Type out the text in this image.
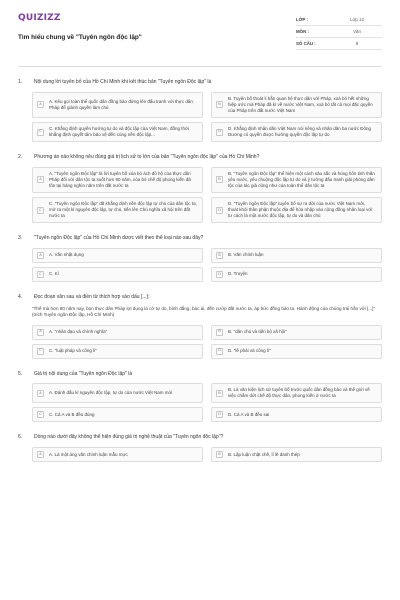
QUIZIZZ
Tìm hiểu chung về "Tuyên ngôn độc lập"
LỚP :	Lớp 12
MÔN :	Văn
SỐ CÂU :	9
1.	Nội dung lời tuyên bố của Hồ Chí Minh khi kết thúc bản "Tuyên ngôn Độc lập" là
A
A. Kêu gọi toàn thể quốc dân đồng bào đứng lên đấu tranh với thực dân Pháp để giành quyền làm chủ
B
B. Tuyên bố thoát li hẳn quan hệ thực dân với Pháp, xoá bỏ hết những hiệp ước mà Pháp đã kí về nước Việt Nam, xoá bỏ tất cả mọi đặc quyền của Pháp trên đất nước Việt Nam
C
C. Khẳng định quyền hưởng tự do và độc lập của Việt Nam, đồng thời khẳng định quyết tâm bảo vệ đến cùng nền độc lập...
D
D. Khẳng định nhân dân Việt Nam nói riêng và nhân dân ba nước Đông Dương có quyền được hưởng quyền độc lập tự do
2.	Phương án nào không nêu đúng giá trị lịch sử to lớn của bản "Tuyên ngôn độc lập" của Hồ Chí Minh?
A
A. "Tuyên ngôn Độc lập" là lời tuyên bố xóa bỏ ách đô hộ của thực dân Pháp đối với dân tộc ta suốt hơn 80 năm, xóa bỏ chế độ phong kiến đã tồn tại hàng nghìn năm trên đất nước ta
B
B. "Tuyên ngôn Độc lập" thể hiện một cách sâu sắc và hùng hồn tinh thần yêu nước, yêu chuộng độc lập tự do và ý tưởng đấu tranh giải phóng dân tộc của tác giả cũng như của toàn thể dân tộc ta
C
C. "Tuyên ngôn Độc lập" đã khẳng định nền độc lập tự chủ của dân tộc ta, mở ra một kỉ nguyên độc lập, tự chủ, tiến lên Chủ nghĩa xã hội trên đất nước ta
D
D. "Tuyên ngôn Độc lập" tuyên bố sự ra đời của nước Việt Nam mới, thoát khỏi thân phận thuộc địa để hòa nhập vào cộng đồng nhân loại với tư cách là một nước độc lập, tự do và dân chủ
3.	"Tuyên ngôn Độc lập" của Hồ Chí Minh được viết theo thể loại nào sau đây?
A	A. Văn nhật dụng	B	B. Văn chính luận
C	C. Kí	D	D. Truyện
4.	Đọc đoạn văn sau và điền từ thích hợp vào dấu [...]:
"Thế mà hơn 80 năm nay, bọn thực dân Pháp lợi dụng lá cờ tự do, bình đẳng, bác ái, đến cướp đất nước ta, áp bức đồng bào ta. Hành động của chúng trái hẳn với [...]" (trích Tuyên ngôn Độc lập, Hồ Chí Minh)
A	A. "nhân đạo và chính nghĩa"	B	B. "dân chủ và tiến bộ xã hội"
C	C. "luật pháp và công lí"	D	D. "lẽ phải và công lí"
5.	Giá trị nội dung của "Tuyên ngôn Độc lập" là
A	A. Đánh dấu kỉ nguyên độc lập, tự do của nước Việt Nam mới	B
B. Là văn kiện lịch sử tuyên bố trước quốc dân đồng bào và thế giới về việc chấm dứt chế độ thực dân, phong kiến ở nước ta
C	C. Cả A và B đều đúng	D	D. Cả A và B đều sai
6.	Dòng nào dưới đây không thể hiện đúng giá trị nghệ thuật của "Tuyên ngôn độc lập"?
A	A. Là một áng văn chính luận mẫu mực	B	B. Lập luận chặt chẽ, lí lẽ đanh thép
